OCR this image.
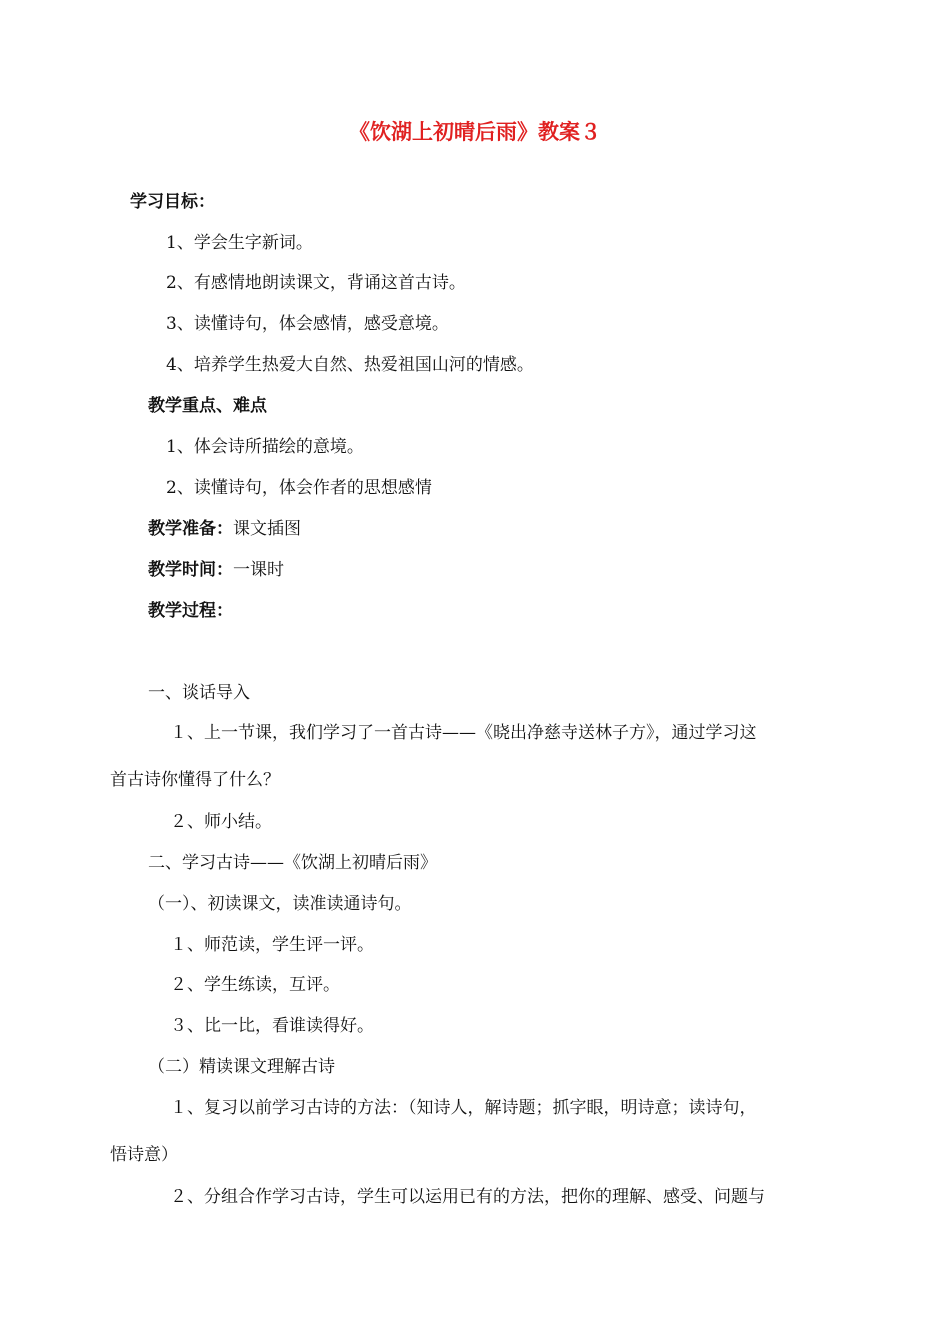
《饮湖上初晴后雨》教案３
学习目标：
1、学会生字新词。
2、有感情地朗读课文，背诵这首古诗。
3、读懂诗句，体会感情，感受意境。
4、培养学生热爱大自然、热爱祖国山河的情感。
教学重点、难点
1、体会诗所描绘的意境。
2、读懂诗句，体会作者的思想感情
教学准备：课文插图
教学时间：一课时
教学过程：
一、谈话导入
１、上一节课，我们学习了一首古诗——《晓出净慈寺送林子方》，通过学习这
首古诗你懂得了什么？
２、师小结。
二、学习古诗——《饮湖上初晴后雨》
（一）、初读课文，读准读通诗句。
１、师范读，学生评一评。
２、学生练读，互评。
３、比一比，看谁读得好。
（二）精读课文理解古诗
１、复习以前学习古诗的方法：（知诗人，解诗题；抓字眼，明诗意；读诗句，
悟诗意）
２、分组合作学习古诗，学生可以运用已有的方法，把你的理解、感受、问题与
